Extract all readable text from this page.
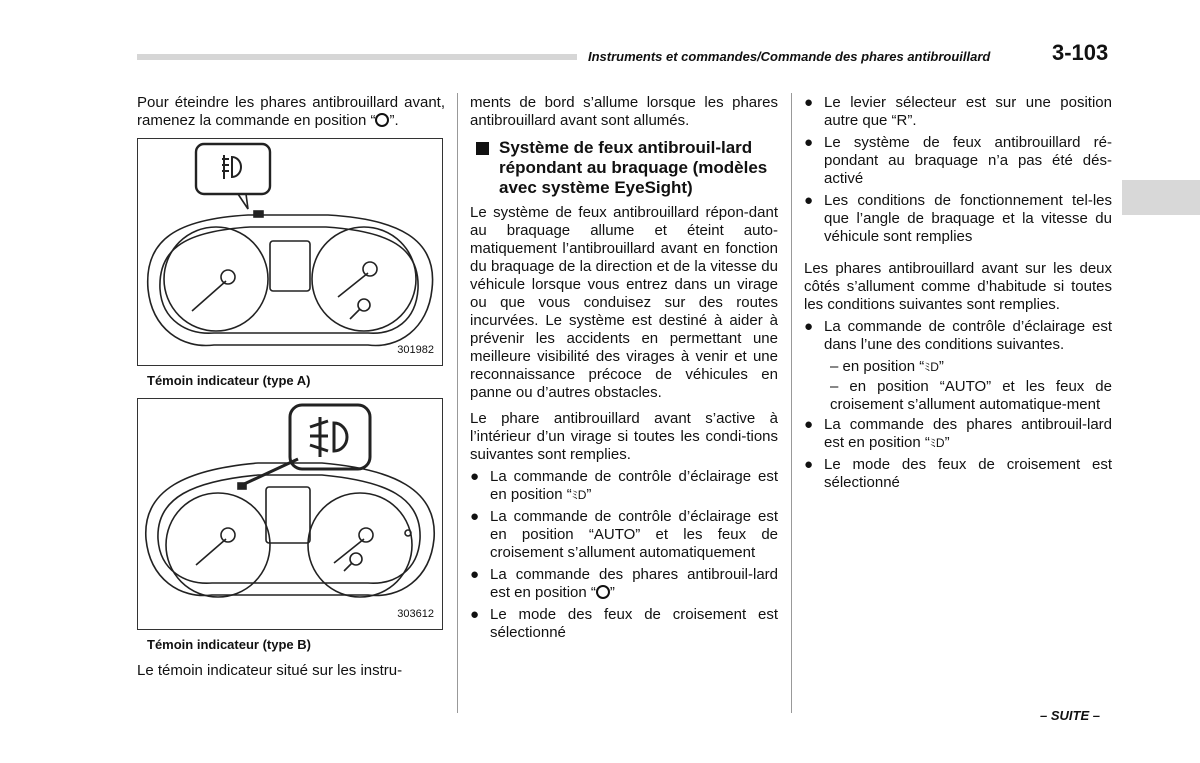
Instruments et commandes/Commande des phares antibrouillard	3-103

Pour éteindre les phares antibrouillard avant, ramenez la commande en position “ ”.

301982
Témoin indicateur (type A)
303612
Témoin indicateur (type B)

Le témoin indicateur situé sur les instru-

ments de bord s’allume lorsque les phares antibrouillard avant sont allumés.

Système de feux antibrouil-lard répondant au braquage (modèles avec système EyeSight)

Le système de feux antibrouillard répon-dant au braquage allume et éteint auto-matiquement l’antibrouillard avant en fonction du braquage de la direction et de la vitesse du véhicule lorsque vous entrez dans un virage ou que vous conduisez sur des routes incurvées. Le système est destiné à aider à prévenir les accidents en permettant une meilleure visibilité des virages à venir et une reconnaissance précoce de véhicules en panne ou d’autres obstacles.

Le phare antibrouillard avant s’active à l’intérieur d’un virage si toutes les condi-tions suivantes sont remplies.

● La commande de contrôle d’éclairage est en position “ﾐD”
● La commande de contrôle d’éclairage est en position “AUTO” et les feux de croisement s’allument automatiquement
● La commande des phares antibrouil-lard est en position “ ”
● Le mode des feux de croisement est sélectionné
● Le levier sélecteur est sur une position autre que “R”.
● Le système de feux antibrouillard ré-pondant au braquage n’a pas été dés-activé
● Les conditions de fonctionnement tel-les que l’angle de braquage et la vitesse du véhicule sont remplies

Les phares antibrouillard avant sur les deux côtés s’allument comme d’habitude si toutes les conditions suivantes sont remplies.

● La commande de contrôle d’éclairage est dans l’une des conditions suivantes.
– en position “ﾐD”
– en position “AUTO” et les feux de croisement s’allument automatique-ment
● La commande des phares antibrouil-lard est en position “ﾐD”
● Le mode des feux de croisement est sélectionné
– SUITE –
